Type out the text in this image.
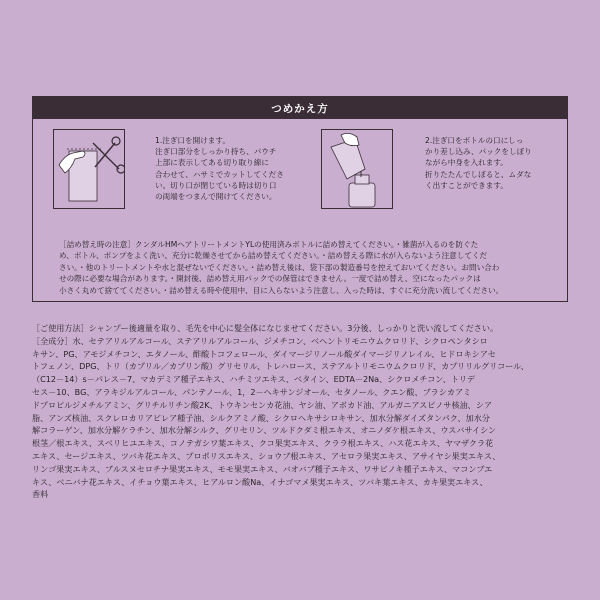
つめかえ方
1.注ぎ口を開けます。
注ぎ口部分をしっかり持ち、パウチ
上部に表示してある切り取り線に
合わせて、ハサミでカットしてくださ
い。切り口が閉じている時は切り口
の両端をつまんで開けてください。
2.注ぎ口をボトルの口にしっ
かり差し込み、パックをしぼり
ながら中身を入れます。
折りたたんでしぼると、ムダな
く出すことができます。
［詰め替え時の注意］クンダルHMヘアトリートメントYLの使用済みボトルに詰め替えてください。・雑菌が入るのを防ぐた
め、ボトル、ポンプをよく洗い、充分に乾燥させてから詰め替えてください。・詰め替える際に水が入らないよう注意してくだ
さい。・他のトリートメントや水と混ぜないでください。・詰め替え後は、袋下部の製造番号を控えておいてください。お問い合わ
せの際に必要な場合があります。・開封後、詰め替え用パックでの保管はできません。一度で詰め替え、空になったパックは
小さく丸めて捨ててください。・詰め替える時や使用中、目に入らないよう注意し、入った時は、すぐに充分洗い流してください。
［ご使用方法］シャンプー後適量を取り、毛先を中心に髪全体になじませてください。3分後、しっかりと洗い流してください。
［全成分］水、セテアリルアルコール、ステアリルアルコール、ジメチコン、ベヘントリモニウムクロリド、シクロペンタシロ
キサン、PG、アモジメチコン、エタノール、酢酸トコフェロール、ダイマージリノール酸ダイマージリノレイル、ヒドロキシアセ
トフェノン、DPG、トリ（カプリル／カプリン酸）グリセリル、トレハロース、ステアルトリモニウムクロリド、カプリリルグリコール、
（C12－14）s－パレス－7、マカデミア種子エキス、ハチミツエキス、ベタイン、EDTA－2Na、シクロメチコン、トリデ
セス－10、BG、アラキジルアルコール、パンテノール、1，2－ヘキサンジオール、セタノール、クエン酸、ブラシカアミ
ドプロピルジメチルアミン、グリチルリチン酸2K、トウキンセンカ花油、ヤシ油、アボカド油、アルガニアスピノサ核油、シア
脂、アンズ核油、スクレロカリアビレア種子油、シルクアミノ酸、シクロヘキサシロキサン、加水分解ダイズタンパク、加水分
解コラーゲン、加水分解ケラチン、加水分解シルク、グリセリン、ツルドクダミ根エキス、オニノダケ根エキス、ウスバサイシン
根茎／根エキス、スベリヒユエキス、コノテガシワ葉エキス、クコ果実エキス、クララ根エキス、ハス花エキス、ヤマザクラ花
エキス、セージエキス、ツバキ花エキス、プロポリスエキス、ショウブ根エキス、アセロラ果実エキス、アサイヤシ果実エキス、
リンゴ果実エキス、ブルスヌセロチナ果実エキス、モモ果実エキス、バオバブ種子エキス、ワサビノキ種子エキス、マコンブエ
キス、ベニバナ花エキス、イチョウ葉エキス、ヒアルロン酸Na、イナゴマメ果実エキス、ツバキ葉エキス、カキ果実エキス、
香料
